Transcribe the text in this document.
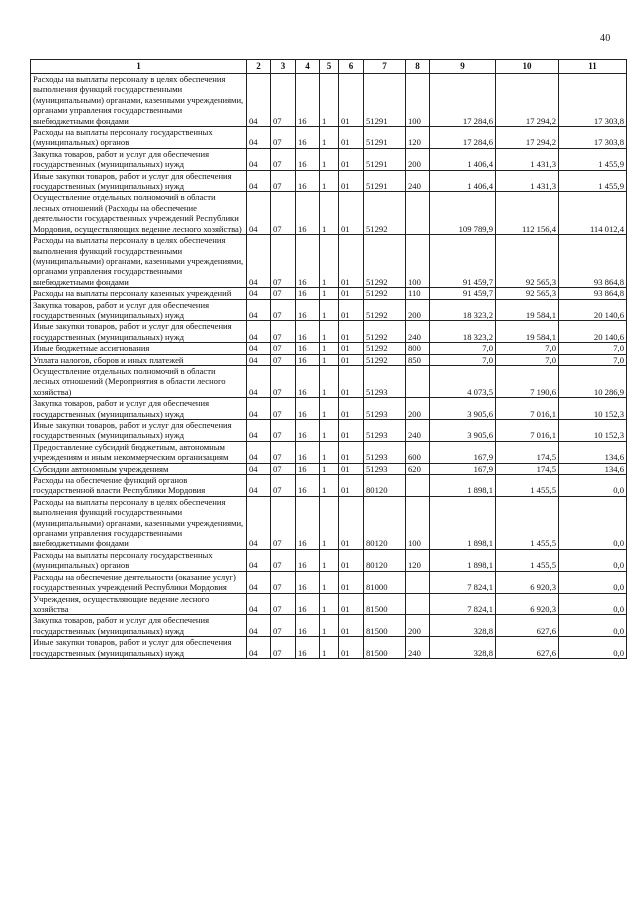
40
1	2	3	4	5	6	7	8	9	10	11
Расходы на выплаты персоналу в целях обеспечения выполнения функций государственными (муниципальными) органами, казенными учреждениями, органами управления государственными внебюджетными фондами	04	07	16	1	01	51291	100	17 284,6	17 294,2	17 303,8
Расходы на выплаты персоналу государственных (муниципальных) органов	04	07	16	1	01	51291	120	17 284,6	17 294,2	17 303,8
Закупка товаров, работ и услуг для обеспечения государственных (муниципальных) нужд	04	07	16	1	01	51291	200	1 406,4	1 431,3	1 455,9
Иные закупки товаров, работ и услуг для обеспечения государственных (муниципальных) нужд	04	07	16	1	01	51291	240	1 406,4	1 431,3	1 455,9
Осуществление отдельных полномочий в области лесных отношений (Расходы на обеспечение деятельности государственных учреждений Республики Мордовия, осуществляющих ведение лесного хозяйства)	04	07	16	1	01	51292		109 789,9	112 156,4	114 012,4
Расходы на выплаты персоналу в целях обеспечения выполнения функций государственными (муниципальными) органами, казенными учреждениями, органами управления государственными внебюджетными фондами	04	07	16	1	01	51292	100	91 459,7	92 565,3	93 864,8
Расходы на выплаты персоналу казенных учреждений	04	07	16	1	01	51292	110	91 459,7	92 565,3	93 864,8
Закупка товаров, работ и услуг для обеспечения государственных (муниципальных) нужд	04	07	16	1	01	51292	200	18 323,2	19 584,1	20 140,6
Иные закупки товаров, работ и услуг для обеспечения государственных (муниципальных) нужд	04	07	16	1	01	51292	240	18 323,2	19 584,1	20 140,6
Иные бюджетные ассигнования	04	07	16	1	01	51292	800	7,0	7,0	7,0
Уплата налогов, сборов и иных платежей	04	07	16	1	01	51292	850	7,0	7,0	7,0
Осуществление отдельных полномочий в области лесных отношений (Мероприятия в области лесного хозяйства)	04	07	16	1	01	51293		4 073,5	7 190,6	10 286,9
Закупка товаров, работ и услуг для обеспечения государственных (муниципальных) нужд	04	07	16	1	01	51293	200	3 905,6	7 016,1	10 152,3
Иные закупки товаров, работ и услуг для обеспечения государственных (муниципальных) нужд	04	07	16	1	01	51293	240	3 905,6	7 016,1	10 152,3
Предоставление субсидий бюджетным, автономным учреждениям и иным некоммерческим организациям	04	07	16	1	01	51293	600	167,9	174,5	134,6
Субсидии автономным учреждениям	04	07	16	1	01	51293	620	167,9	174,5	134,6
Расходы на обеспечение функций органов государственной власти Республики Мордовия	04	07	16	1	01	80120		1 898,1	1 455,5	0,0
Расходы на выплаты персоналу в целях обеспечения выполнения функций государственными (муниципальными) органами, казенными учреждениями, органами управления государственными внебюджетными фондами	04	07	16	1	01	80120	100	1 898,1	1 455,5	0,0
Расходы на выплаты персоналу государственных (муниципальных) органов	04	07	16	1	01	80120	120	1 898,1	1 455,5	0,0
Расходы на обеспечение деятельности (оказание услуг) государственных учреждений Республики Мордовия	04	07	16	1	01	81000		7 824,1	6 920,3	0,0
Учреждения, осуществляющие ведение лесного хозяйства	04	07	16	1	01	81500		7 824,1	6 920,3	0,0
Закупка товаров, работ и услуг для обеспечения государственных (муниципальных) нужд	04	07	16	1	01	81500	200	328,8	627,6	0,0
Иные закупки товаров, работ и услуг для обеспечения государственных (муниципальных) нужд	04	07	16	1	01	81500	240	328,8	627,6	0,0
